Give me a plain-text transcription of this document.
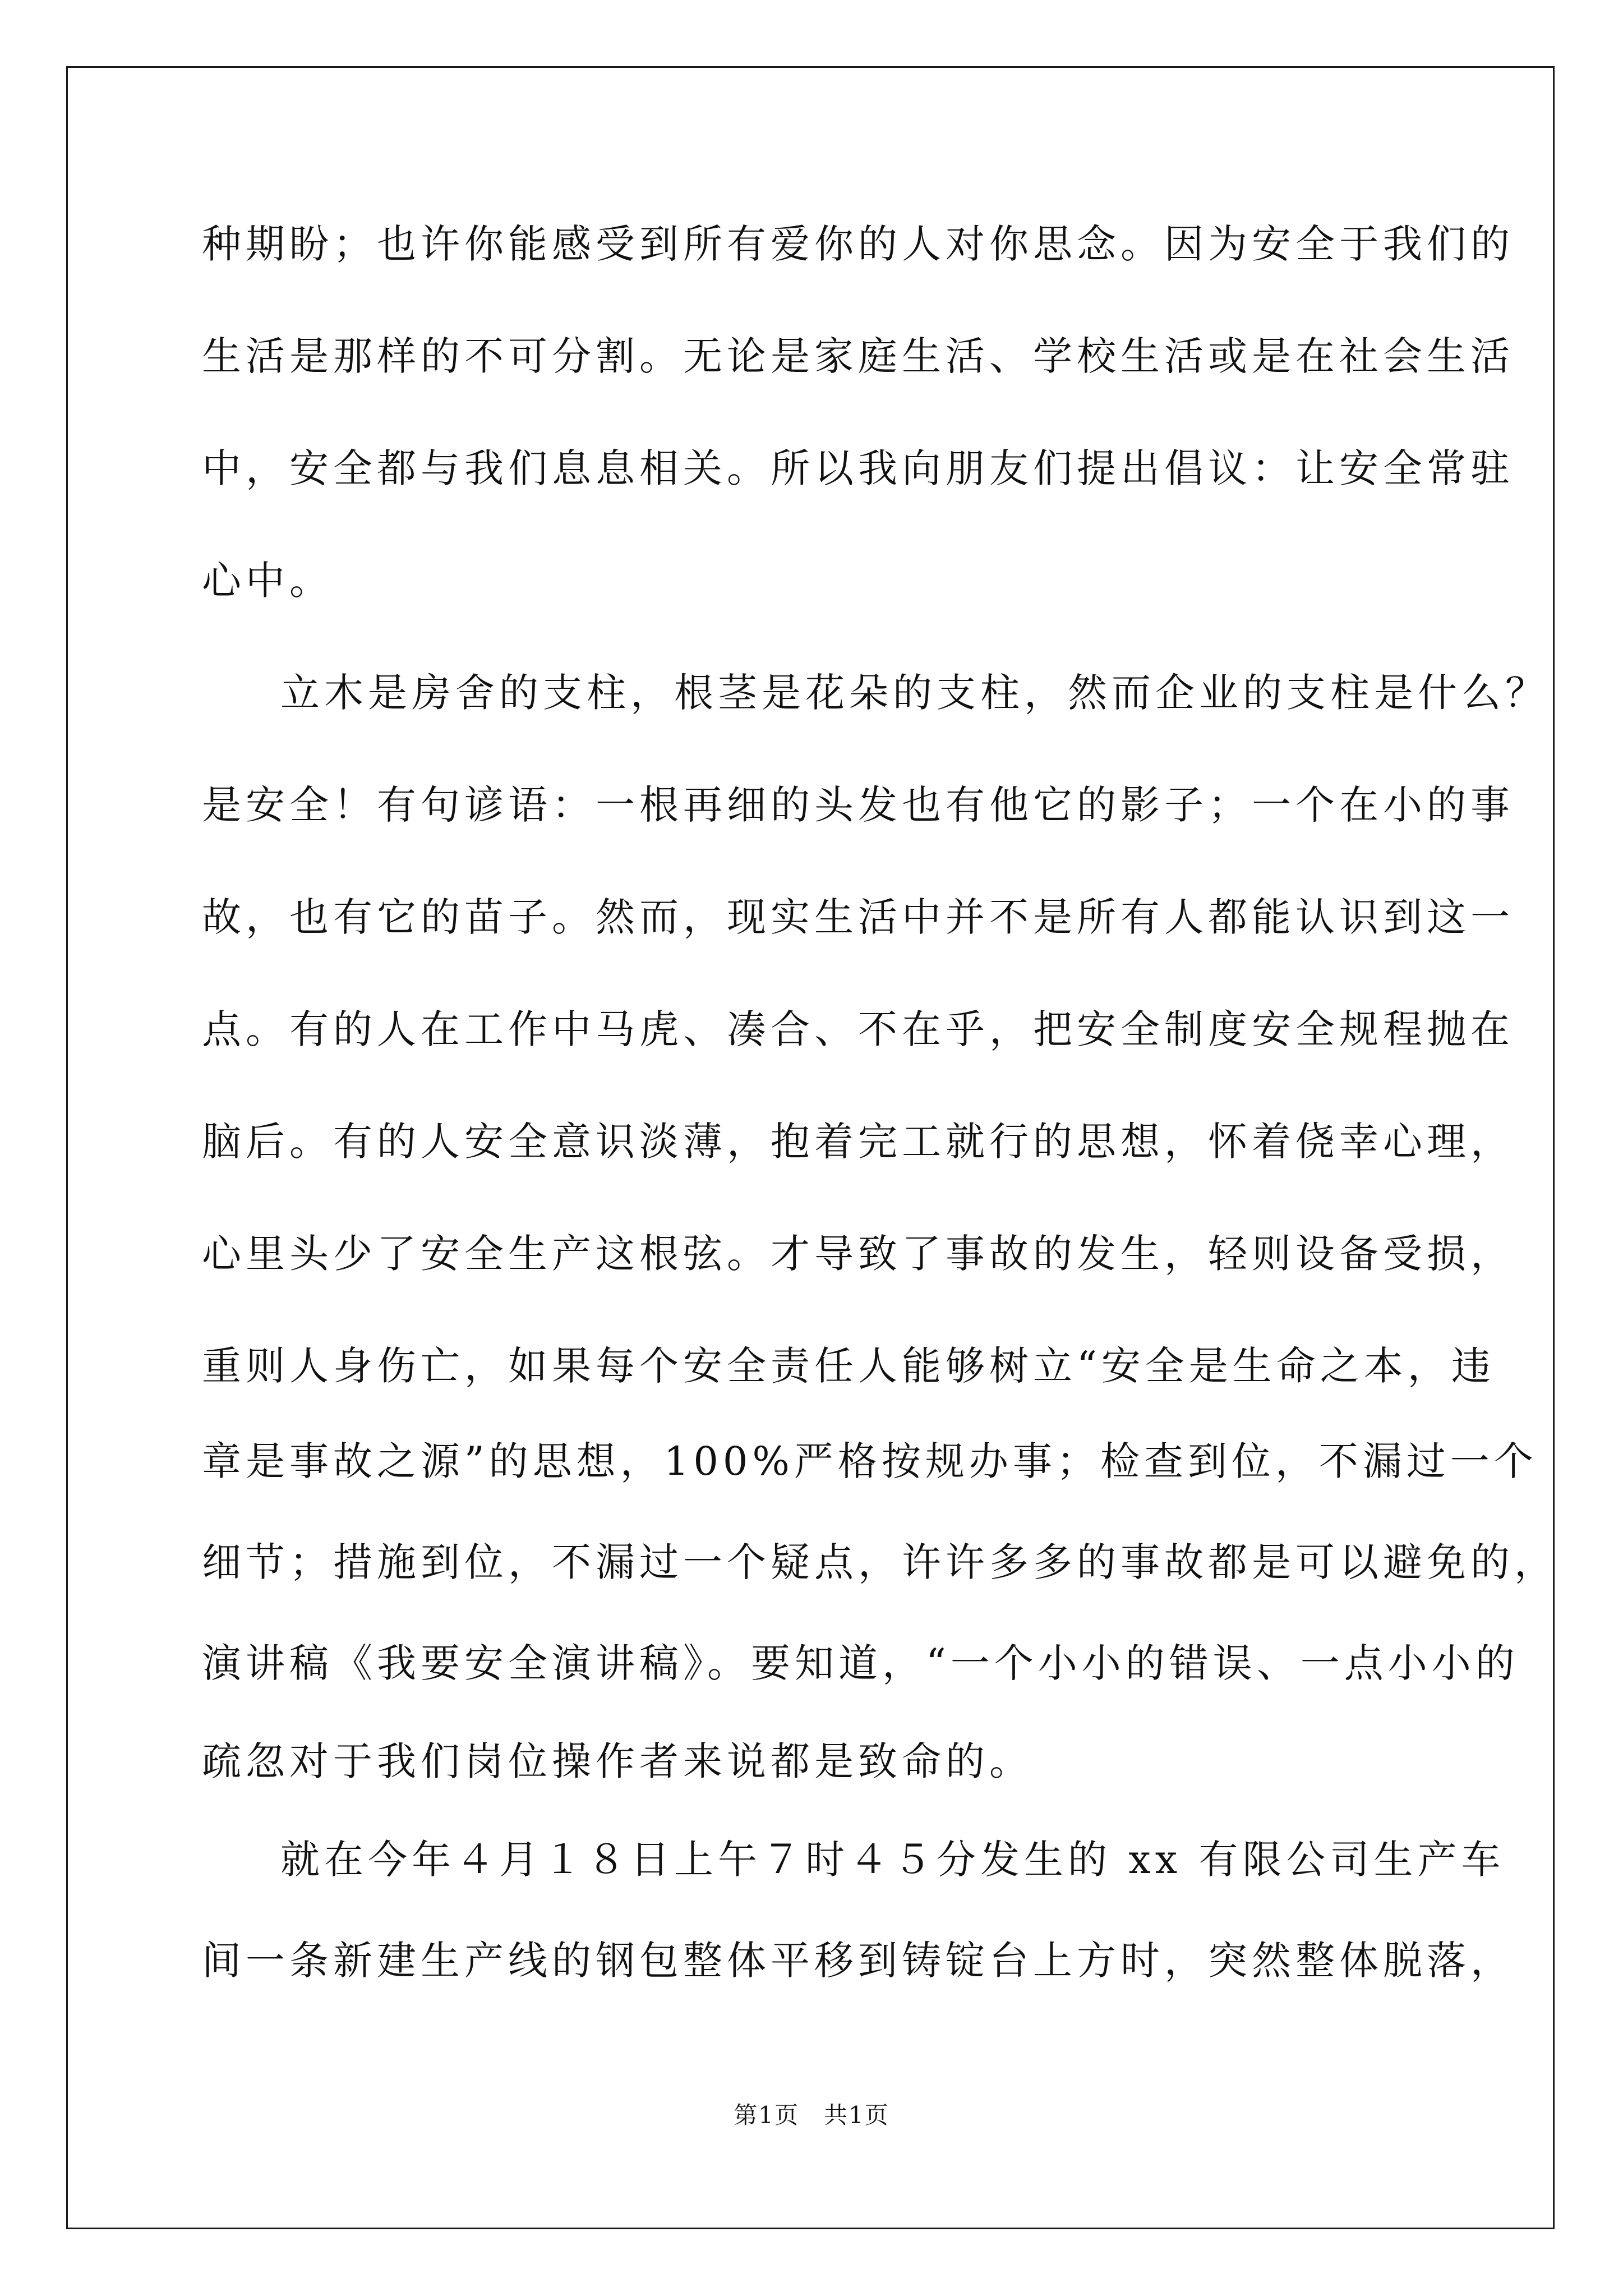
种期盼；也许你能感受到所有爱你的人对你思念。因为安全于我们的
生活是那样的不可分割。无论是家庭生活、学校生活或是在社会生活
中，安全都与我们息息相关。所以我向朋友们提出倡议：让安全常驻
心中。
立木是房舍的支柱，根茎是花朵的支柱，然而企业的支柱是什么？
是安全！有句谚语：一根再细的头发也有他它的影子；一个在小的事
故，也有它的苗子。然而，现实生活中并不是所有人都能认识到这一
点。有的人在工作中马虎、凑合、不在乎，把安全制度安全规程抛在
脑后。有的人安全意识淡薄，抱着完工就行的思想，怀着侥幸心理，
心里头少了安全生产这根弦。才导致了事故的发生，轻则设备受损，
重则人身伤亡，如果每个安全责任人能够树立“安全是生命之本，违
章是事故之源”的思想，100%严格按规办事；检查到位，不漏过一个
细节；措施到位，不漏过一个疑点，许许多多的事故都是可以避免的，
演讲稿《我要安全演讲稿》。要知道，“一个小小的错误、一点小小的
疏忽对于我们岗位操作者来说都是致命的。
就在今年４月１８日上午７时４５分发生的 xx 有限公司生产车
间一条新建生产线的钢包整体平移到铸锭台上方时，突然整体脱落，
第1页　共1页
